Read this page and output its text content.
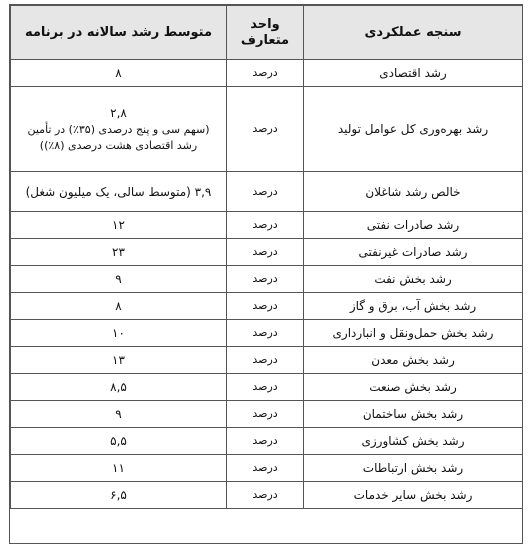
سنجه عملکردی	واحد متعارف	متوسط رشد سالانه در برنامه
رشد اقتصادی	درصد	۸
رشد بهره‌وری کل عوامل تولید	درصد	۲,۸
(سهم سی و پنج درصدی (۳۵٪) در تأمین رشد اقتصادی هشت درصدی (۸٪))

خالص رشد شاغلان	درصد	۳,۹ (متوسط سالی، یک میلیون شغل)
رشد صادرات نفتی	درصد	۱۲
رشد صادرات غیرنفتی	درصد	۲۳
رشد بخش نفت	درصد	۹
رشد بخش آب، برق و گاز	درصد	۸
رشد بخش حمل‌ونقل و انبارداری	درصد	۱۰
رشد بخش معدن	درصد	۱۳
رشد بخش صنعت	درصد	۸,۵
رشد بخش ساختمان	درصد	۹
رشد بخش کشاورزی	درصد	۵,۵
رشد بخش ارتباطات	درصد	۱۱
رشد بخش سایر خدمات	درصد	۶,۵
